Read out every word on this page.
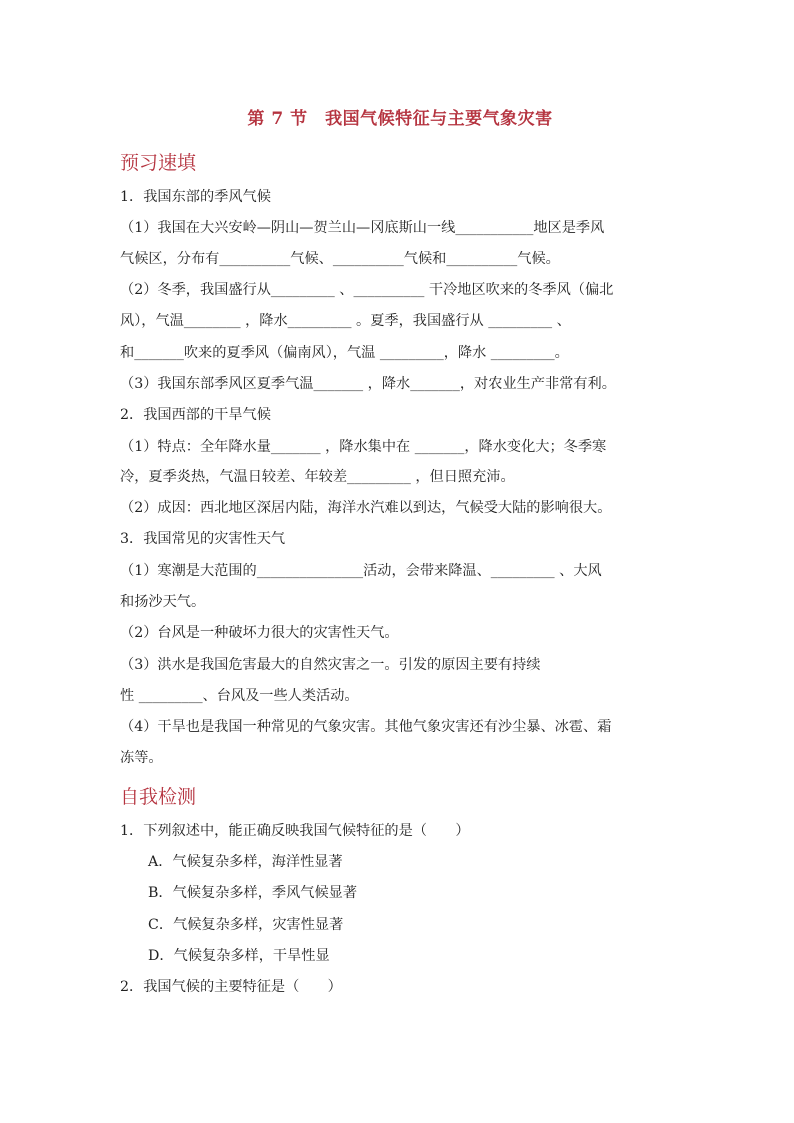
第 7 节　我国气候特征与主要气象灾害
预习速填
1．我国东部的季风气候
（1）我国在大兴安岭—阴山—贺兰山—冈底斯山一线___________地区是季风
气候区，分布有__________气候、__________气候和__________气候。
（2）冬季，我国盛行从_________ 、__________ 干冷地区吹来的冬季风（偏北
风），气温________ ，降水_________ 。夏季，我国盛行从 _________ 、
和_______吹来的夏季风（偏南风），气温 _________，降水 _________。
（3）我国东部季风区夏季气温_______ ，降水_______，对农业生产非常有利。
2．我国西部的干旱气候
（1）特点：全年降水量_______ ，降水集中在 _______，降水变化大；冬季寒
冷，夏季炎热，气温日较差、年较差_________ ，但日照充沛。
（2）成因：西北地区深居内陆，海洋水汽难以到达，气候受大陆的影响很大。
3．我国常见的灾害性天气
（1）寒潮是大范围的_______________活动，会带来降温、_________ 、大风
和扬沙天气。
（2）台风是一种破坏力很大的灾害性天气。
（3）洪水是我国危害最大的自然灾害之一。引发的原因主要有持续
性 _________、台风及一些人类活动。
（4）干旱也是我国一种常见的气象灾害。其他气象灾害还有沙尘暴、冰雹、霜
冻等。
自我检测
1．下列叙述中，能正确反映我国气候特征的是（　　）
A．气候复杂多样，海洋性显著
B．气候复杂多样，季风气候显著
C．气候复杂多样，灾害性显著
D．气候复杂多样，干旱性显
2．我国气候的主要特征是（　　）
